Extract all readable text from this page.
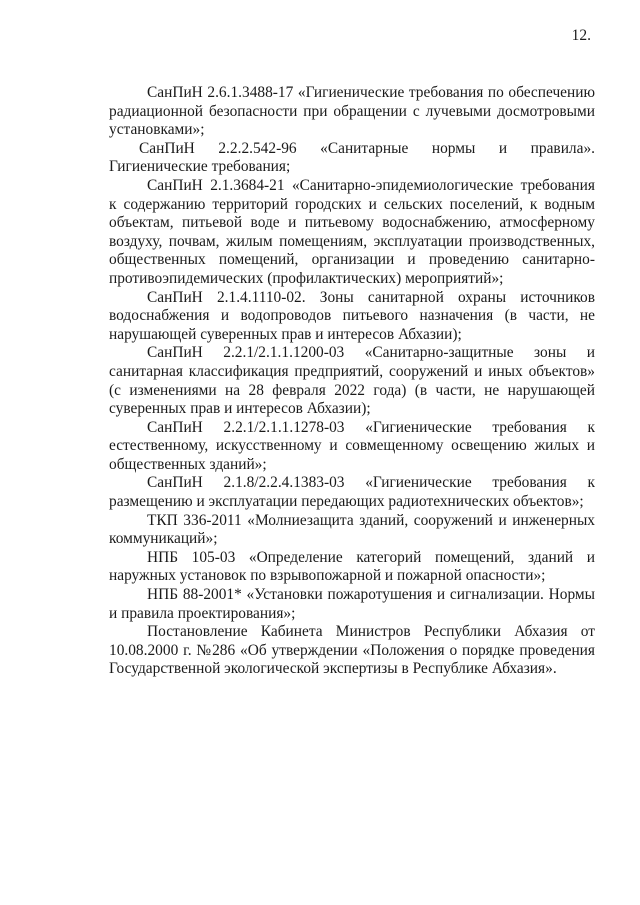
12.

СанПиН 2.6.1.3488-17 «Гигиенические требования по обеспечению радиационной безопасности при обращении с лучевыми досмотровыми установками»;

СанПиН 2.2.2.542-96 «Санитарные нормы и правила». Гигиенические требования;

СанПиН 2.1.3684-21 «Санитарно-эпидемиологические требования к содержанию территорий городских и сельских поселений, к водным объектам, питьевой воде и питьевому водоснабжению, атмосферному воздуху, почвам, жилым помещениям, эксплуатации производственных, общественных помещений, организации и проведению санитарно-противоэпидемических (профилактических) мероприятий»;

СанПиН 2.1.4.1110-02. Зоны санитарной охраны источников водоснабжения и водопроводов питьевого назначения (в части, не нарушающей суверенных прав и интересов Абхазии);

СанПиН 2.2.1/2.1.1.1200-03 «Санитарно-защитные зоны и санитарная классификация предприятий, сооружений и иных объектов» (с изменениями на 28 февраля 2022 года) (в части, не нарушающей суверенных прав и интересов Абхазии);

СанПиН 2.2.1/2.1.1.1278-03 «Гигиенические требования к естественному, искусственному и совмещенному освещению жилых и общественных зданий»;

СанПиН 2.1.8/2.2.4.1383-03 «Гигиенические требования к размещению и эксплуатации передающих радиотехнических объектов»;

ТКП 336-2011 «Молниезащита зданий, сооружений и инженерных коммуникаций»;

НПБ 105-03 «Определение категорий помещений, зданий и наружных установок по взрывопожарной и пожарной опасности»;

НПБ 88-2001* «Установки пожаротушения и сигнализации. Нормы и правила проектирования»;

Постановление Кабинета Министров Республики Абхазия от 10.08.2000 г. №286 «Об утверждении «Положения о порядке проведения Государственной экологической экспертизы в Республике Абхазия».
